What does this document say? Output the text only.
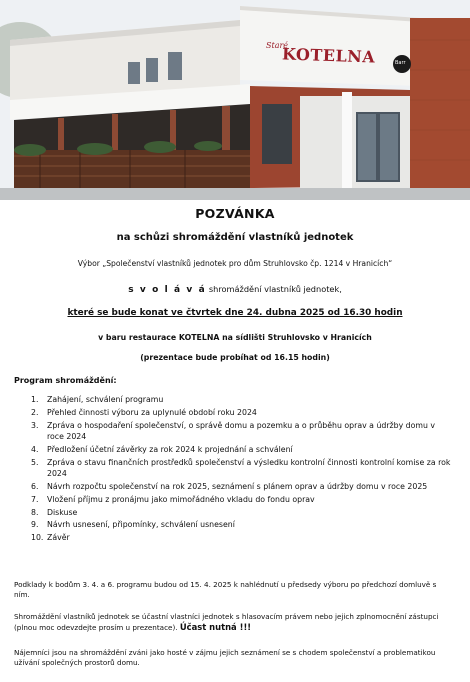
Staré
KOTELNA	Barr
POZVÁNKA
na schůzi shromáždění vlastníků jednotek
Výbor „Společenství vlastníků jednotek pro dům Struhlovsko čp. 1214 v Hranicích“
s v o l á v á shromáždění vlastníků jednotek,
které se bude konat ve čtvrtek dne 24. dubna 2025 od 16.30 hodin
v baru restaurace KOTELNA na sídlišti Struhlovsko v Hranicích
(prezentace bude probíhat od 16.15 hodin)
Program shromáždění:
1. Zahájení, schválení programu
2. Přehled činnosti výboru za uplynulé období roku 2024
3. Zpráva o hospodaření společenství, o správě domu a pozemku a o průběhu oprav a údržby domu v roce 2024
4. Předložení účetní závěrky za rok 2024 k projednání a schválení
5. Zpráva o stavu finančních prostředků společenství a výsledku kontrolní činnosti kontrolní komise za rok 2024
6. Návrh rozpočtu společenství na rok 2025, seznámení s plánem oprav a údržby domu v roce 2025
7. Vložení příjmu z pronájmu jako mimořádného vkladu do fondu oprav
8. Diskuse
9. Návrh usnesení, připomínky, schválení usnesení
10. Závěr
Podklady k bodům 3. 4. a 6. programu budou od 15. 4. 2025 k nahlédnutí u předsedy výboru po předchozí domluvě s ním.
Shromáždění vlastníků jednotek se účastní vlastníci jednotek s hlasovacím právem nebo jejich zplnomocnění zástupci (plnou moc odevzdejte prosím u prezentace). Účast nutná !!!
Nájemníci jsou na shromáždění zváni jako hosté v zájmu jejich seznámení se s chodem společenství a problematikou užívání společných prostorů domu.
